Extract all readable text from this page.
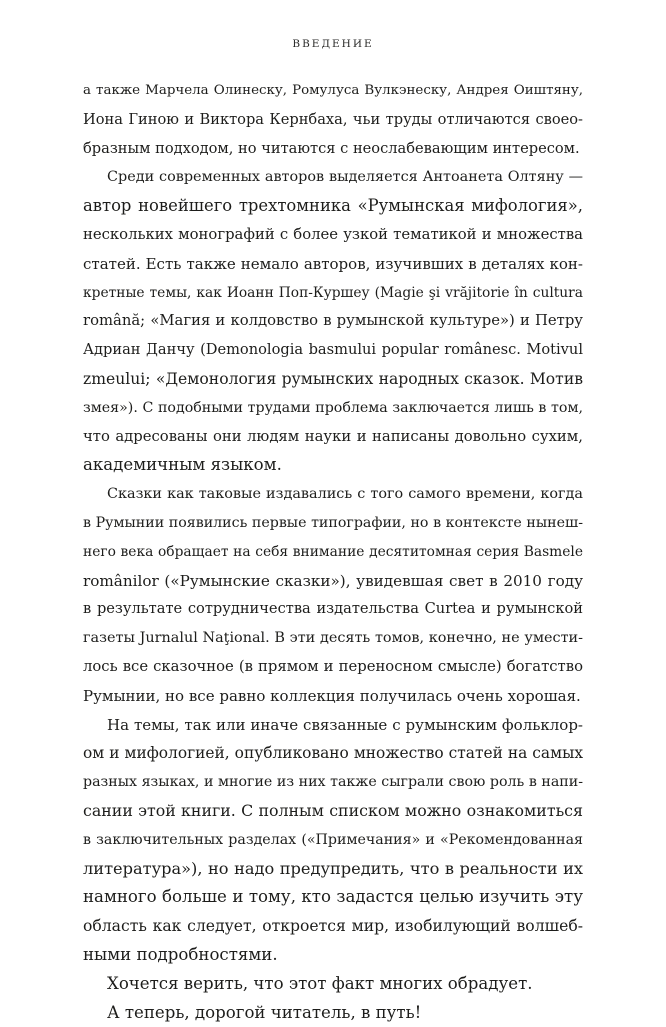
ВВЕДЕНИЕ
а также Марчела Олинеску, Ромулуса Вулкэнеску, Андрея Оиштяну,
Иона Гиною и Виктора Кернбаха, чьи труды отличаются своео-
бразным подходом, но читаются с неослабевающим интересом.
Среди современных авторов выделяется Антоанета Олтяну —
автор новейшего трехтомника «Румынская мифология»,
нескольких монографий с более узкой тематикой и множества
статей. Есть также немало авторов, изучивших в деталях кон-
кретные темы, как Иоанн Поп-Куршеу (Magie şi vrăjitorie în cultura
română; «Магия и колдовство в румынской культуре») и Петру
Адриан Данчу (Demonologia basmului popular românesc. Motivul
zmeului; «Демонология румынских народных сказок. Мотив
змея»). С подобными трудами проблема заключается лишь в том,
что адресованы они людям науки и написаны довольно сухим,
академичным языком.
Сказки как таковые издавались с того самого времени, когда
в Румынии появились первые типографии, но в контексте нынеш-
него века обращает на себя внимание десятитомная серия Basmele
românilor («Румынские сказки»), увидевшая свет в 2010 году
в результате сотрудничества издательства Curtea и румынской
газеты Jurnalul Naţional. В эти десять томов, конечно, не умести-
лось все сказочное (в прямом и переносном смысле) богатство
Румынии, но все равно коллекция получилась очень хорошая.
На темы, так или иначе связанные с румынским фольклор-
ом и мифологией, опубликовано множество статей на самых
разных языках, и многие из них также сыграли свою роль в напи-
сании этой книги. С полным списком можно ознакомиться
в заключительных разделах («Примечания» и «Рекомендованная
литература»), но надо предупредить, что в реальности их
намного больше и тому, кто задастся целью изучить эту
область как следует, откроется мир, изобилующий волшеб-
ными подробностями.
Хочется верить, что этот факт многих обрадует.
А теперь, дорогой читатель, в путь!
